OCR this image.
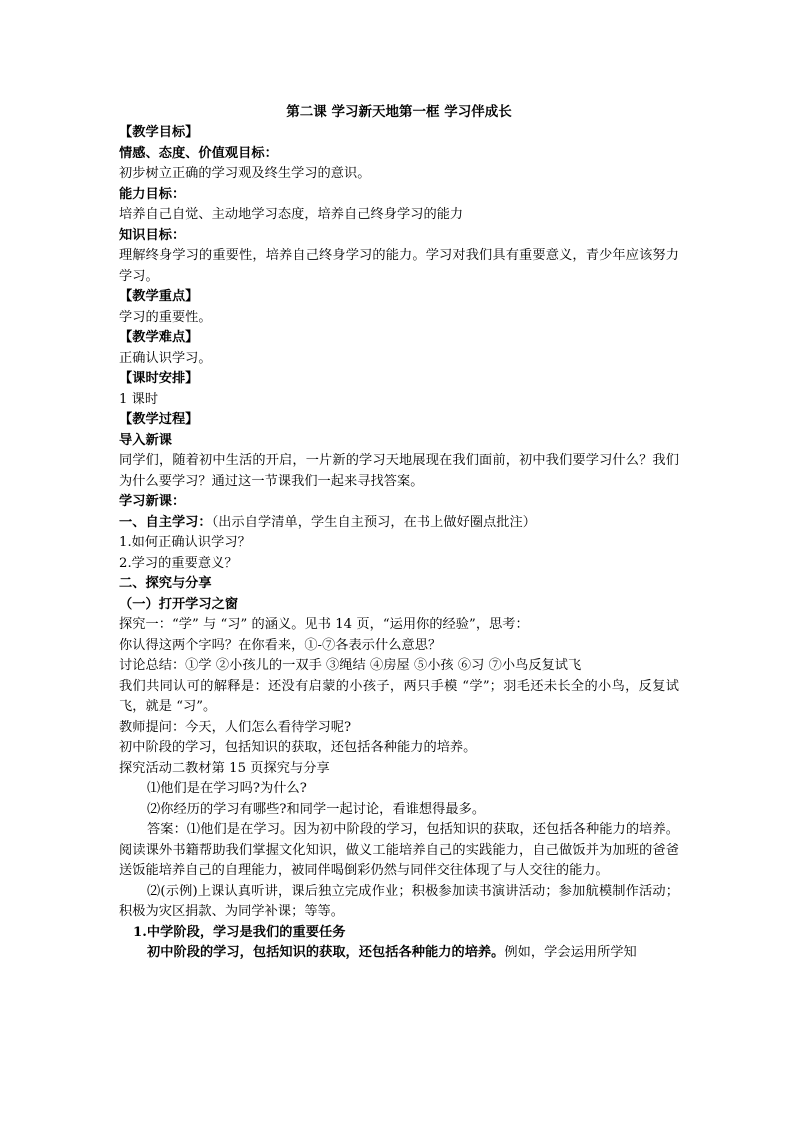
第二课 学习新天地第一框 学习伴成长
【教学目标】
情感、态度、价值观目标：
初步树立正确的学习观及终生学习的意识。
能力目标：
培养自己自觉、主动地学习态度，培养自己终身学习的能力
知识目标：
理解终身学习的重要性，培养自己终身学习的能力。学习对我们具有重要意义，青少年应该努力学习。
【教学重点】
学习的重要性。
【教学难点】
正确认识学习。
【课时安排】
1 课时
【教学过程】
导入新课
同学们，随着初中生活的开启，一片新的学习天地展现在我们面前，初中我们要学习什么？我们为什么要学习？通过这一节课我们一起来寻找答案。
学习新课：
一、自主学习：（出示自学清单，学生自主预习，在书上做好圈点批注）
1.如何正确认识学习？
2.学习的重要意义？
二、探究与分享
（一）打开学习之窗
探究一：“学” 与 “习” 的涵义。见书 14 页，“运用你的经验”，思考：
你认得这两个字吗？在你看来，①-⑦各表示什么意思？
讨论总结：①学 ②小孩儿的一双手 ③绳结 ④房屋 ⑤小孩 ⑥习 ⑦小鸟反复试飞
我们共同认可的解释是：还没有启蒙的小孩子，两只手模 “学”；羽毛还未长全的小鸟，反复试飞，就是 “习”。
教师提问：今天，人们怎么看待学习呢?
初中阶段的学习，包括知识的获取，还包括各种能力的培养。
探究活动二教材第 15 页探究与分享
⑴他们是在学习吗?为什么?
⑵你经历的学习有哪些?和同学一起讨论，看谁想得最多。
答案：⑴他们是在学习。因为初中阶段的学习，包括知识的获取，还包括各种能力的培养。阅读课外书籍帮助我们掌握文化知识，做义工能培养自己的实践能力，自己做饭并为加班的爸爸送饭能培养自己的自理能力，被同伴喝倒彩仍然与同伴交往体现了与人交往的能力。
⑵(示例)上课认真听讲，课后独立完成作业；积极参加读书演讲活动；参加航模制作活动；积极为灾区捐款、为同学补课；等等。
1.中学阶段，学习是我们的重要任务
初中阶段的学习，包括知识的获取，还包括各种能力的培养。例如，学会运用所学知
